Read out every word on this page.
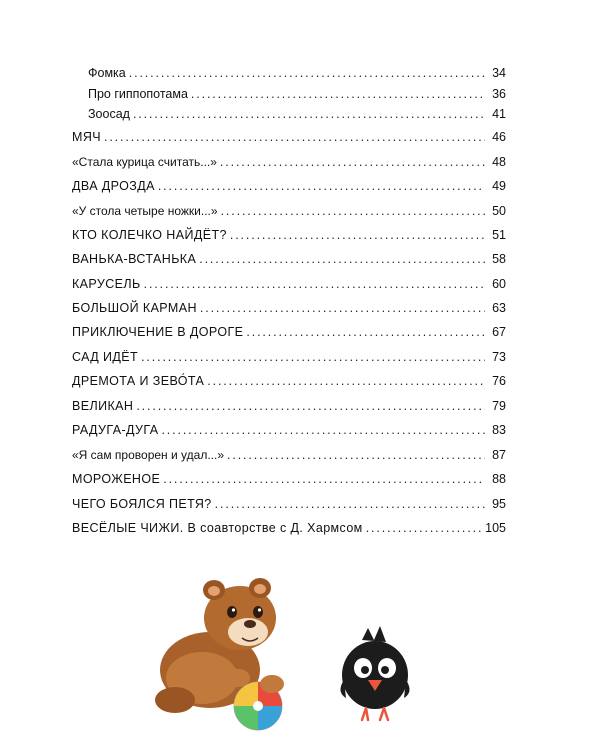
Фомка . . .	34
Про гиппопотама . . .	36
Зоосад . . .	41
МЯЧ . . .	46
«Стала курица считать...» . . .	48
ДВА ДРОЗДА . . .	49
«У стола четыре ножки...» . . .	50
КТО КОЛЕЧКО НАЙДЁТ? . . .	51
ВАНЬКА-ВСТАНЬКА . . .	58
КАРУСЕЛЬ . . .	60
БОЛЬШОЙ КАРМАН . . .	63
ПРИКЛЮЧЕНИЕ В ДОРОГЕ . . .	67
САД ИДЁТ . . .	73
ДРЕМОТА И ЗЕВО́ТА . . .	76
ВЕЛИКАН . . .	79
РАДУГА-ДУГА . . .	83
«Я сам проворен и удал...» . . .	87
МОРОЖЕНОЕ . . .	88
ЧЕГО БОЯЛСЯ ПЕТЯ? . . .	95
ВЕСЁЛЫЕ ЧИЖИ. В соавторстве с Д. Хармсом . . .	105
